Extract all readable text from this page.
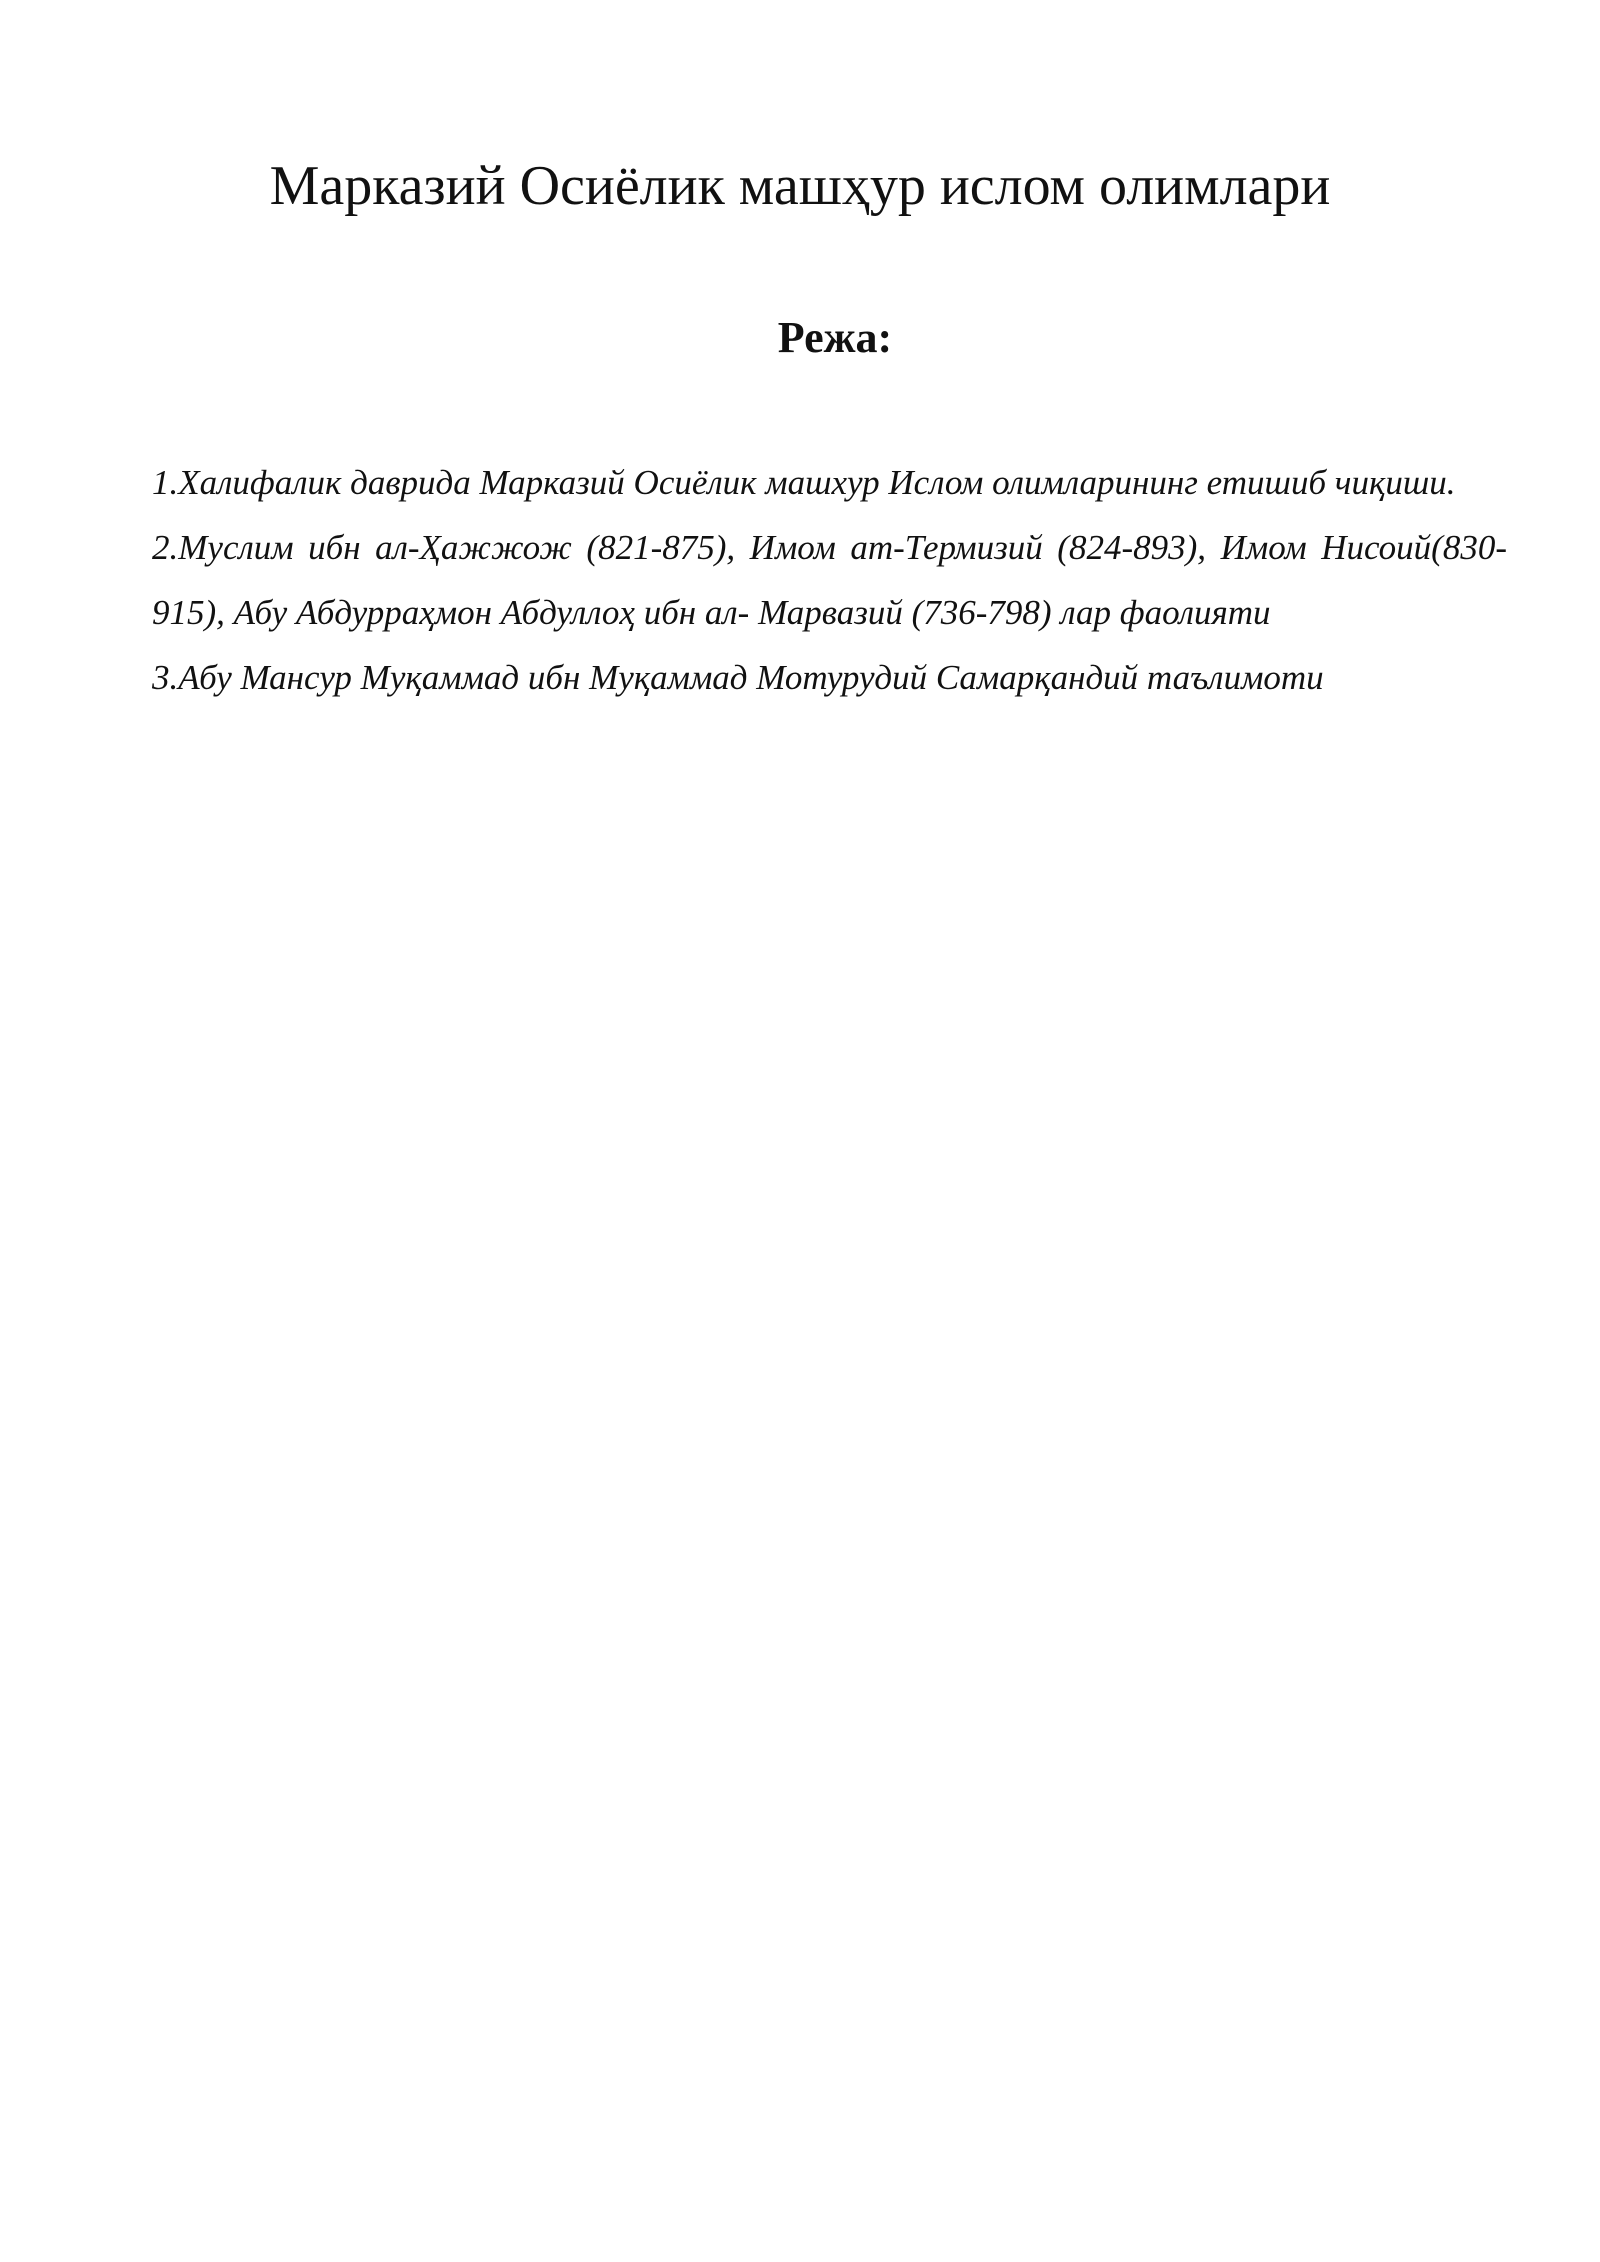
Марказий Осиёлик машҳур ислом олимлари
Режа:

1.Халифалик даврида Марказий Осиёлик машхур Ислом олимларининг етишиб чиқиши.

2.Муслим ибн ал-Ҳажжож (821-875), Имом ат-Термизий (824-893), Имом Нисоий(830-915), Абу Абдурраҳмон Абдуллоҳ ибн ал- Марвазий (736-798) лар фаолияти

3.Абу Мансур Муқаммад ибн Муқаммад Мотурудий Самарқандий таълимоти
